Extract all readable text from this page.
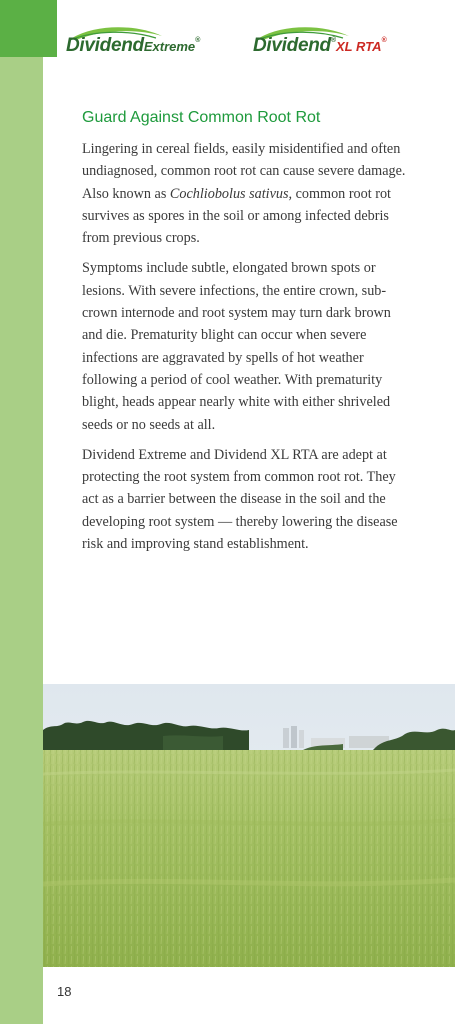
DividendExtreme®	Dividend®XL RTA®
Guard Against Common Root Rot

Lingering in cereal fields, easily misidentified and often undiagnosed, common root rot can cause severe damage. Also known as Cochliobolus sativus, common root rot survives as spores in the soil or among infected debris from previous crops.

Symptoms include subtle, elongated brown spots or lesions. With severe infections, the entire crown, sub-crown internode and root system may turn dark brown and die. Prematurity blight can occur when severe infections are aggravated by spells of hot weather following a period of cool weather. With prematurity blight, heads appear nearly white with either shriveled seeds or no seeds at all.

Dividend Extreme and Dividend XL RTA are adept at protecting the root system from common root rot. They act as a barrier between the disease in the soil and the developing root system — thereby lowering the disease risk and improving stand establishment.

18
